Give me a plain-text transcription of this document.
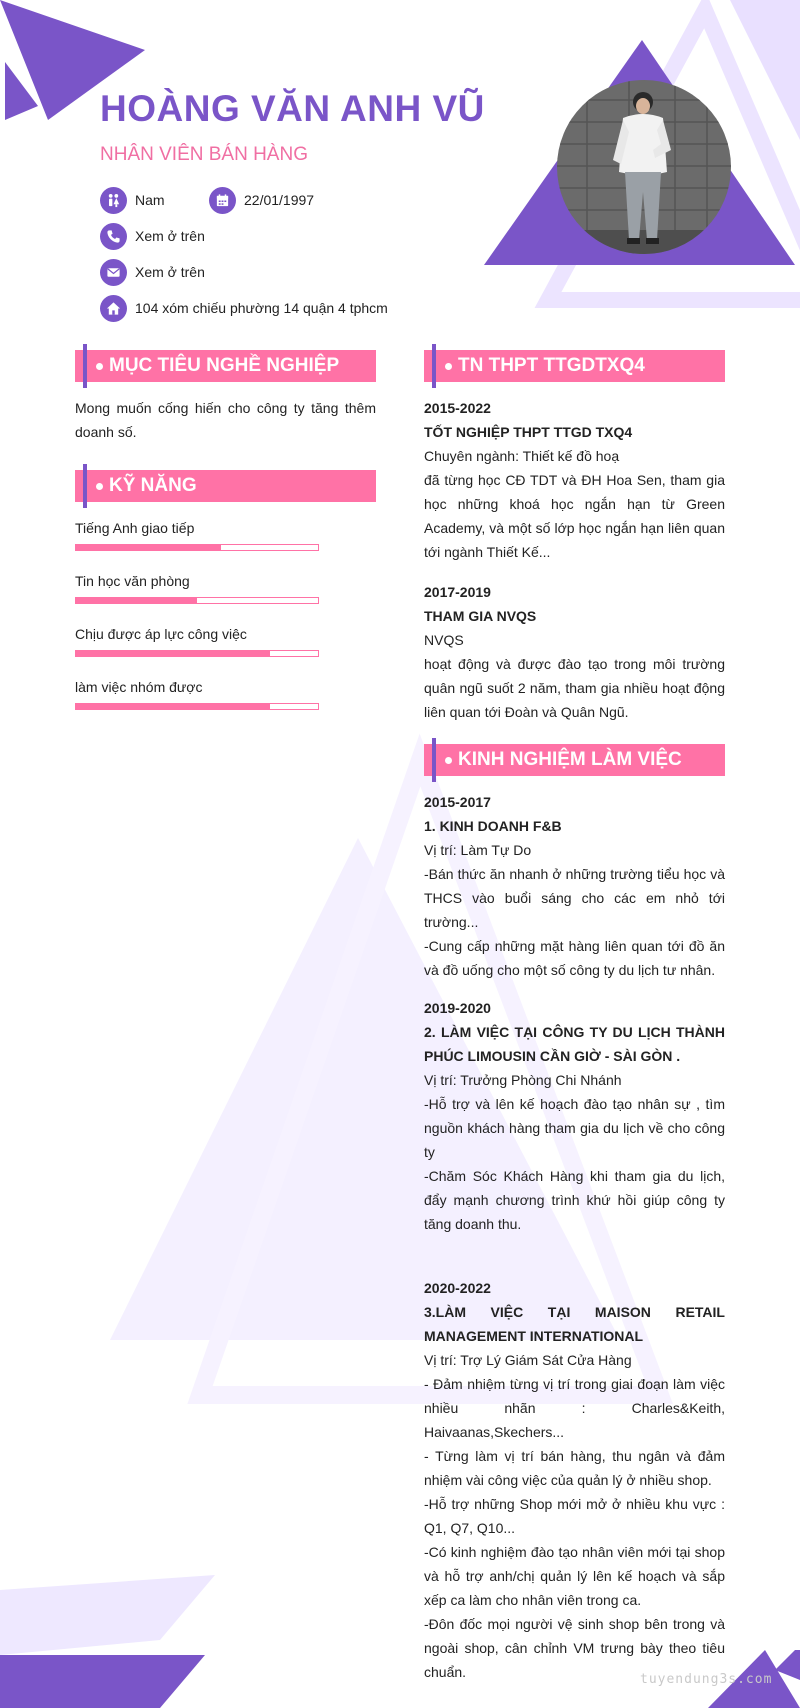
HOÀNG VĂN ANH VŨ
NHÂN VIÊN BÁN HÀNG
Nam	22/01/1997
Xem ở trên
Xem ở trên
104 xóm chiếu phường 14 quận 4 tphcm
MỤC TIÊU NGHỀ NGHIỆP
Mong muốn cống hiến cho công ty tăng thêm doanh số.
KỸ NĂNG
Tiếng Anh giao tiếp
Tin học văn phòng
Chịu được áp lực công việc
làm việc nhóm được
TN THPT TTGDTXQ4
2015-2022
TỐT NGHIỆP THPT TTGD TXQ4
Chuyên ngành: Thiết kế đồ hoạ
đã từng học CĐ TDT và ĐH Hoa Sen, tham gia học những khoá học ngắn hạn từ Green Academy, và một số lớp học ngắn hạn liên quan tới ngành Thiết Kế...
2017-2019
THAM GIA NVQS
NVQS
hoạt động và được đào tạo trong môi trường quân ngũ suốt 2 năm, tham gia nhiều hoạt động liên quan tới Đoàn và Quân Ngũ.
KINH NGHIỆM LÀM VIỆC
2015-2017
1. KINH DOANH F&B
Vị trí: Làm Tự Do
-Bán thức ăn nhanh ở những trường tiểu học và THCS vào buổi sáng cho các em nhỏ tới trường...
-Cung cấp những mặt hàng liên quan tới đồ ăn và đồ uống cho một số công ty du lịch tư nhân.
2019-2020
2. LÀM VIỆC TẠI CÔNG TY DU LỊCH THÀNH PHÚC LIMOUSIN CẦN GIỜ - SÀI GÒN .
Vị trí: Trưởng Phòng Chi Nhánh
-Hỗ trợ và lên kế hoạch đào tạo nhân sự , tìm nguồn khách hàng tham gia du lịch về cho công ty
-Chăm Sóc Khách Hàng khi tham gia du lịch, đẩy mạnh chương trình khứ hồi giúp công ty tăng doanh thu.
2020-2022
3.LÀM VIỆC TẠI MAISON RETAIL MANAGEMENT INTERNATIONAL
Vị trí: Trợ Lý Giám Sát Cửa Hàng
- Đảm nhiệm từng vị trí trong giai đoạn làm việc nhiều nhãn : Charles&Keith, Haivaanas,Skechers...
- Từng làm vị trí bán hàng, thu ngân và đảm nhiệm vài công việc của quản lý ở nhiều shop.
-Hỗ trợ những Shop mới mở ở nhiều khu vực : Q1, Q7, Q10...
-Có kinh nghiệm đào tạo nhân viên mới tại shop và hỗ trợ anh/chị quản lý lên kế hoạch và sắp xếp ca làm cho nhân viên trong ca.
-Đôn đốc mọi người vệ sinh shop bên trong và ngoài shop, cân chỉnh VM trưng bày theo tiêu chuẩn.	tuyendung3s.com
